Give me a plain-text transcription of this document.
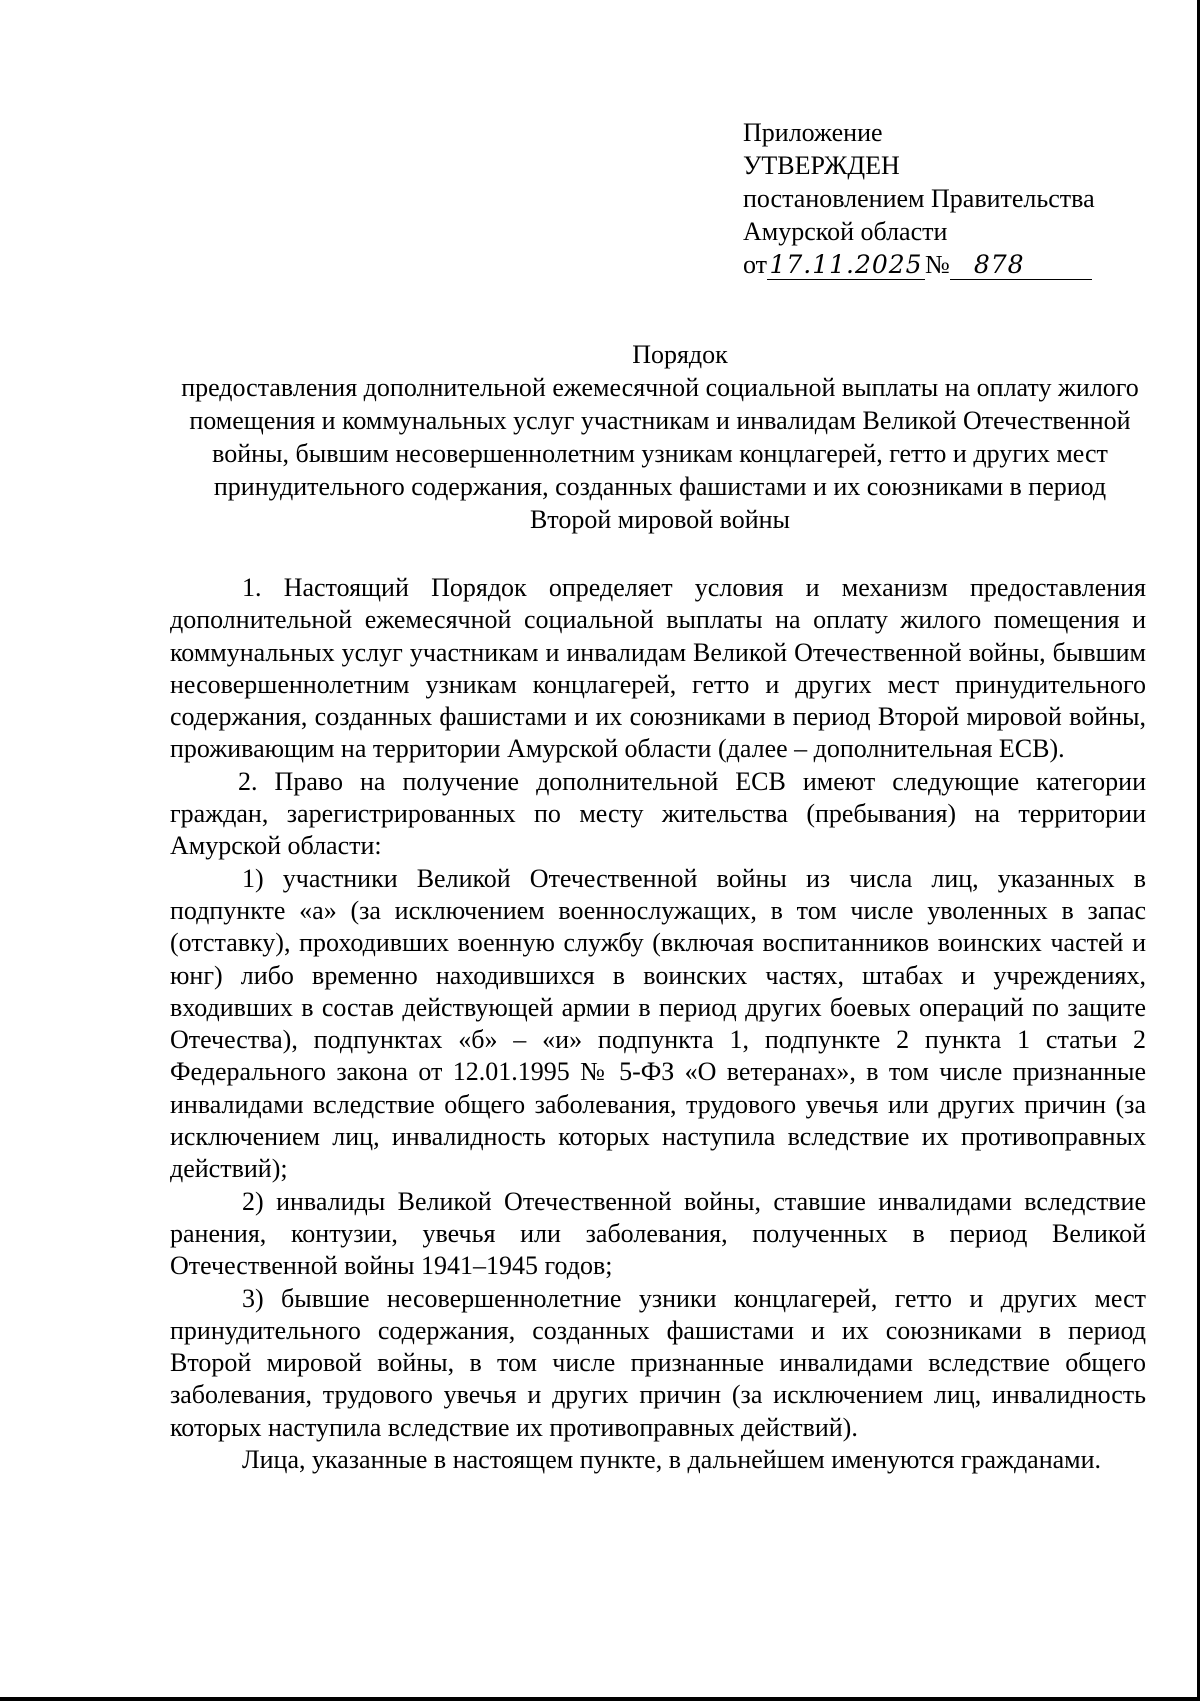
Приложение
УТВЕРЖДЕН
постановлением Правительства
Амурской области
от17.11.2025№ 878
Порядок
предоставления дополнительной ежемесячной социальной выплаты на оплату жилого помещения и коммунальных услуг участникам и инвалидам Великой Отечественной войны, бывшим несовершеннолетним узникам концлагерей, гетто и других мест принудительного содержания, созданных фашистами и их союзниками в период Второй мировой войны

1. Настоящий Порядок определяет условия и механизм предоставления дополнительной ежемесячной социальной выплаты на оплату жилого помещения и коммунальных услуг участникам и инвалидам Великой Отечественной войны, бывшим несовершеннолетним узникам концлагерей, гетто и других мест принудительного содержания, созданных фашистами и их союзниками в период Второй мировой войны, проживающим на территории Амурской области (далее – дополнительная ЕСВ).

2. Право на получение дополнительной ЕСВ имеют следующие категории граждан, зарегистрированных по месту жительства (пребывания) на территории Амурской области:

1) участники Великой Отечественной войны из числа лиц, указанных в подпункте «а» (за исключением военнослужащих, в том числе уволенных в запас (отставку), проходивших военную службу (включая воспитанников воинских частей и юнг) либо временно находившихся в воинских частях, штабах и учреждениях, входивших в состав действующей армии в период других боевых операций по защите Отечества), подпунктах «б» – «и» подпункта 1, подпункте 2 пункта 1 статьи 2 Федерального закона от 12.01.1995 № 5-ФЗ «О ветеранах», в том числе признанные инвалидами вследствие общего заболевания, трудового увечья или других причин (за исключением лиц, инвалидность которых наступила вследствие их противоправных действий);

2) инвалиды Великой Отечественной войны, ставшие инвалидами вследствие ранения, контузии, увечья или заболевания, полученных в период Великой Отечественной войны 1941–1945 годов;

3) бывшие несовершеннолетние узники концлагерей, гетто и других мест принудительного содержания, созданных фашистами и их союзниками в период Второй мировой войны, в том числе признанные инвалидами вследствие общего заболевания, трудового увечья и других причин (за исключением лиц, инвалидность которых наступила вследствие их противоправных действий).

Лица, указанные в настоящем пункте, в дальнейшем именуются гражданами.
